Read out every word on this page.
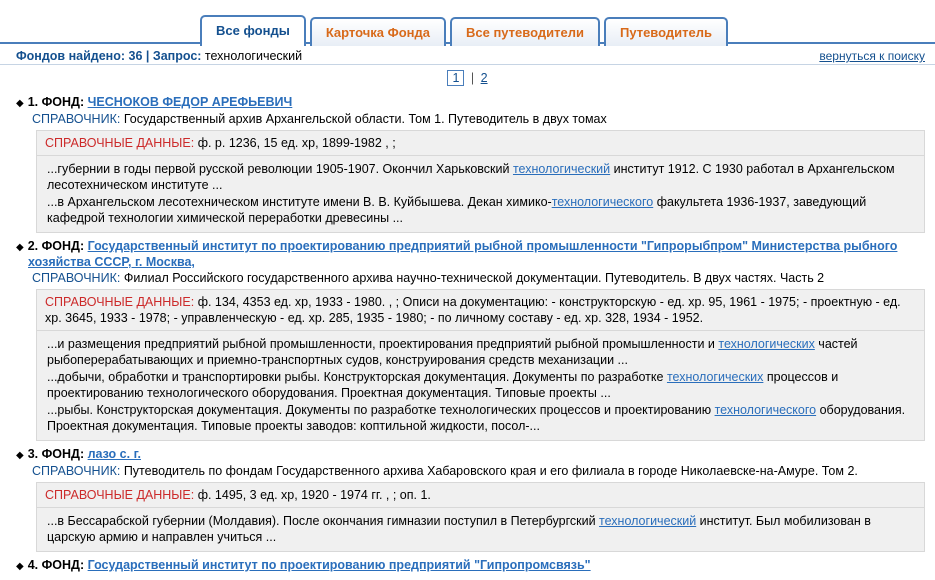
Все фонды	Карточка Фонда	Все путеводители	Путеводитель
Фондов найдено: 36 | Запрос: технологический	вернуться к поиску
1 | 2
◆ 1. ФОНД: ЧЕСНОКОВ ФЕДОР АРЕФЬЕВИЧ
СПРАВОЧНИК: Государственный архив Архангельской области. Том 1. Путеводитель в двух томах
СПРАВОЧНЫЕ ДАННЫЕ: ф. р. 1236, 15 ед. хр, 1899-1982 , ;
...губернии в годы первой русской революции 1905-1907. Окончил Харьковский технологический институт 1912. С 1930 работал в Архангельском лесотехническом институте ...
...в Архангельском лесотехническом институте имени В. В. Куйбышева. Декан химико-технологического факультета 1936-1937, заведующий кафедрой технологии химической переработки древесины ...
◆ 2. ФОНД: Государственный институт по проектированию предприятий рыбной промышленности "Гипрорыбпром" Министерства рыбного хозяйства СССР, г. Москва,
СПРАВОЧНИК: Филиал Российского государственного архива научно-технической документации. Путеводитель. В двух частях. Часть 2
СПРАВОЧНЫЕ ДАННЫЕ: ф. 134, 4353 ед. хр, 1933 - 1980. , ; Описи на документацию: - конструкторскую - ед. хр. 95, 1961 - 1975; - проектную - ед. хр. 3645, 1933 - 1978; - управленческую - ед. хр. 285, 1935 - 1980; - по личному составу - ед. хр. 328, 1934 - 1952.
...и размещения предприятий рыбной промышленности, проектирования предприятий рыбной промышленности и технологических частей рыбоперерабатывающих и приемно-транспортных судов, конструирования средств механизации ...
...добычи, обработки и транспортировки рыбы. Конструкторская документация. Документы по разработке технологических процессов и проектированию технологического оборудования. Проектная документация. Типовые проекты ...
...рыбы. Конструкторская документация. Документы по разработке технологических процессов и проектированию технологического оборудования. Проектная документация. Типовые проекты заводов: коптильной жидкости, посол-...
◆ 3. ФОНД: лазо с. г.
СПРАВОЧНИК: Путеводитель по фондам Государственного архива Хабаровского края и его филиала в городе Николаевске-на-Амуре. Том 2.
СПРАВОЧНЫЕ ДАННЫЕ: ф. 1495, 3 ед. хр, 1920 - 1974 гг. , ; оп. 1.
...в Бессарабской губернии (Молдавия). После окончания гимназии поступил в Петербургский технологический институт. Был мобилизован в царскую армию и направлен учиться ...
◆ 4. ФОНД: Государственный институт по проектированию предприятий "Гипропромсвязь"
